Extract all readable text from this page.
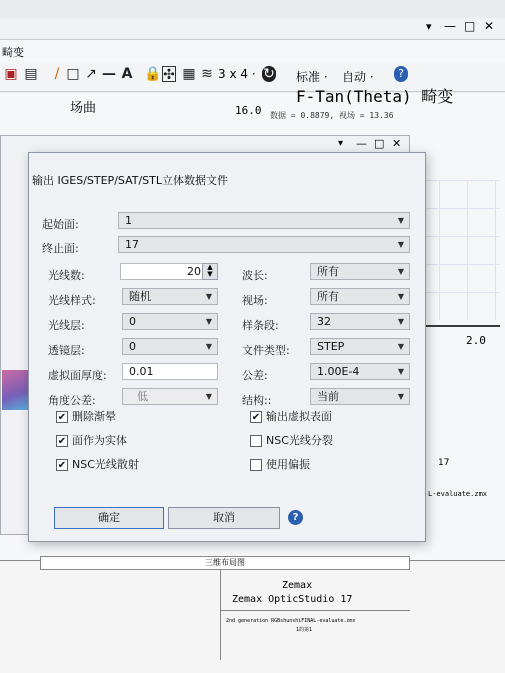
▾ — □ ✕
畸变
▣ ▤	/ □ ↗ — A 🔒 ✣ ▦ ≋ 3 x 4 · ↻ 标准 · 自动 ·	?
场曲
F-Tan(Theta) 畸变
16.0 数据 = 0.8879, 视场 = 13.36
2.0
17
L-evaluate.zmx
三维布局图
Zemax
Zemax OpticStudio 17
2nd generation RGBshunshiFINAL-evaluate.zmx
1的第1
▾ — □ ✕
输出 IGES/STEP/SAT/STL立体数据文件
起始面:	1	▼
终止面:	17	▼
光线数:	20 ▲
▼
光线样式:	随机	▼
光线层:	0	▼
透镜层:	0	▼
虚拟面厚度:	0.01
角度公差:	低	▼
波长:	所有	▼
视场:	所有	▼
样条段:	32	▼
文件类型:	STEP	▼
公差:	1.00E-4	▼
结构::	当前	▼
✔ 删除渐晕
✔ 面作为实体
✔ NSC光线散射
✔ 输出虚拟表面
NSC光线分裂
使用偏振
确定	取消	?
